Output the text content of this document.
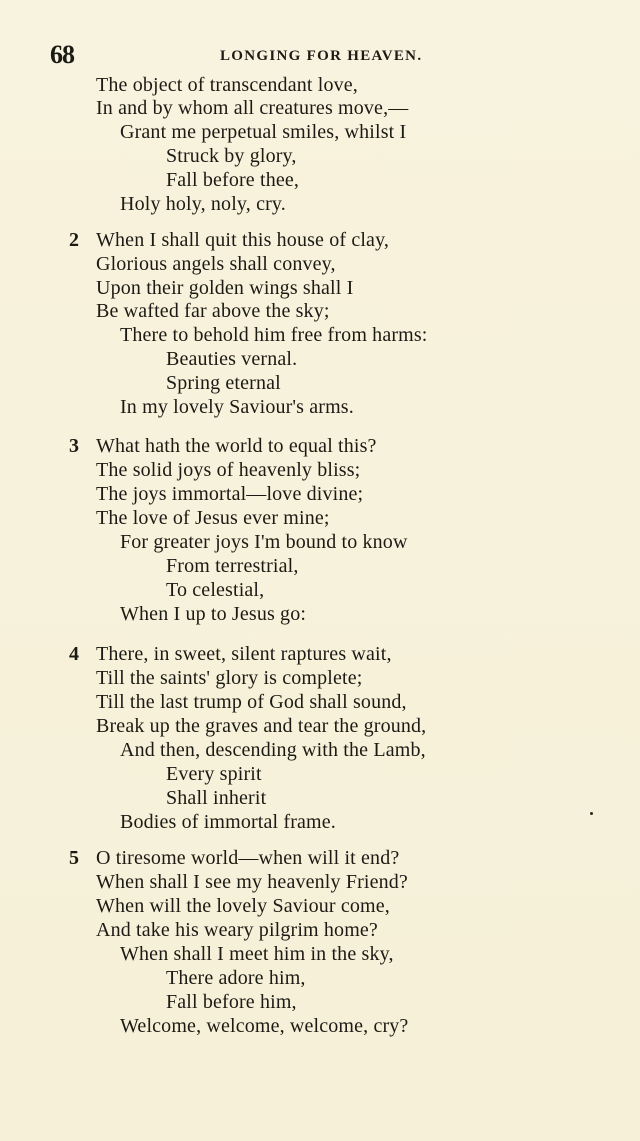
68	LONGING FOR HEAVEN.
The object of transcendant love,
In and by whom all creatures move,—
Grant me perpetual smiles, whilst I
Struck by glory,
Fall before thee,
Holy holy, noly, cry.
2 When I shall quit this house of clay,
Glorious angels shall convey,
Upon their golden wings shall I
Be wafted far above the sky;
There to behold him free from harms:
Beauties vernal.
Spring eternal
In my lovely Saviour's arms.
3 What hath the world to equal this?
The solid joys of heavenly bliss;
The joys immortal—love divine;
The love of Jesus ever mine;
For greater joys I'm bound to know
From terrestrial,
To celestial,
When I up to Jesus go:
4 There, in sweet, silent raptures wait,
Till the saints' glory is complete;
Till the last trump of God shall sound,
Break up the graves and tear the ground,
And then, descending with the Lamb,
Every spirit
Shall inherit
Bodies of immortal frame.
5 O tiresome world—when will it end?
When shall I see my heavenly Friend?
When will the lovely Saviour come,
And take his weary pilgrim home?
When shall I meet him in the sky,
There adore him,
Fall before him,
Welcome, welcome, welcome, cry?
